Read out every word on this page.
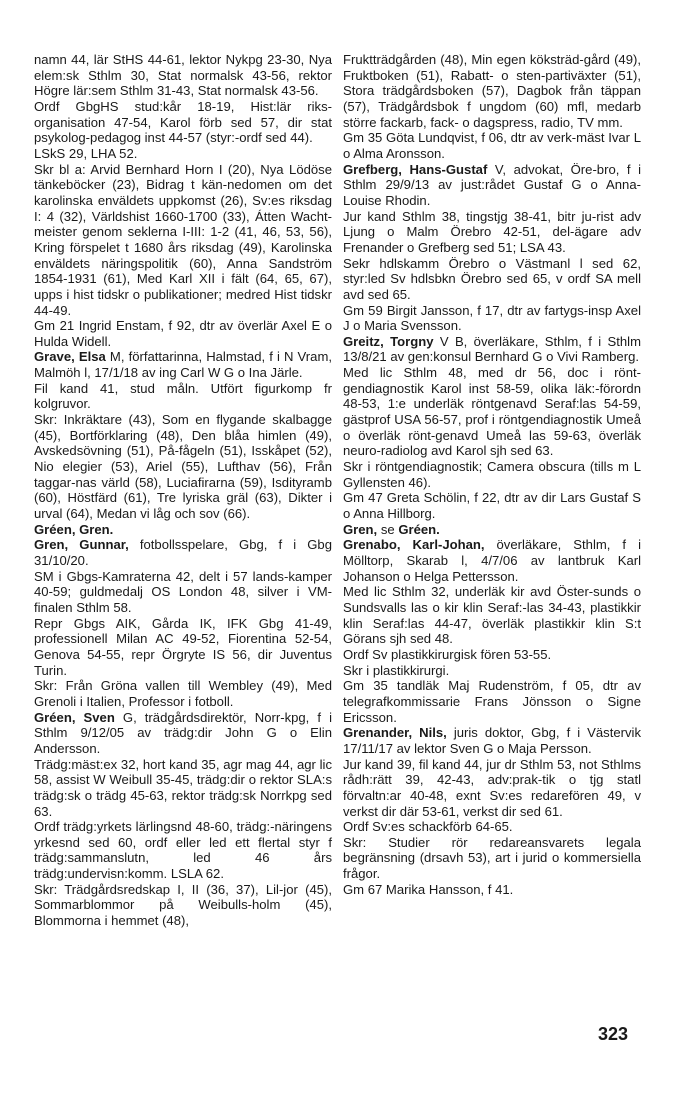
namn 44, lär StHS 44-61, lektor Nykpg 23-30, Nya elem:sk Sthlm 30, Stat normalsk 43-56, rektor Högre lär:sem Sthlm 31-43, Stat normalsk 43-56.

Ordf GbgHS stud:kår 18-19, Hist:lär riks-organisation 47-54, Karol förb sed 57, dir stat psykolog-pedagog inst 44-57 (styr:-ordf sed 44).

LSkS 29, LHA 52.

Skr bl a: Arvid Bernhard Horn I (20), Nya Lödöse tänkeböcker (23), Bidrag t kän-nedomen om det karolinska enväldets uppkomst (26), Sv:es riksdag I: 4 (32), Världshist 1660-1700 (33), Átten Wacht-meister genom seklerna I-III: 1-2 (41, 46, 53, 56), Kring förspelet t 1680 års riksdag (49), Karolinska enväldets näringspolitik (60), Anna Sandström 1854-1931 (61), Med Karl XII i fält (64, 65, 67), upps i hist tidskr o publikationer; medred Hist tidskr 44-49.

Gm 21 Ingrid Enstam, f 92, dtr av överlär Axel E o Hulda Widell.

Grave, Elsa M, författarinna, Halmstad, f i N Vram, Malmöh l, 17/1/18 av ing Carl W G o Ina Järle.

Fil kand 41, stud måln. Utfört figurkomp fr kolgruvor.

Skr: Inkräktare (43), Som en flygande skalbagge (45), Bortförklaring (48), Den blåa himlen (49), Avskedsövning (51), På-fågeln (51), Isskåpet (52), Nio elegier (53), Ariel (55), Lufthav (56), Från taggar-nas värld (58), Luciafirarna (59), Isdityramb (60), Höstfärd (61), Tre lyriska gräl (63), Dikter i urval (64), Medan vi låg och sov (66).

Gréen, Gren.

Gren, Gunnar, fotbollsspelare, Gbg, f i Gbg 31/10/20.

SM i Gbgs-Kamraterna 42, delt i 57 lands-kamper 40-59; guldmedalj OS London 48, silver i VM-finalen Sthlm 58.

Repr Gbgs AIK, Gårda IK, IFK Gbg 41-49, professionell Milan AC 49-52, Fiorentina 52-54, Genova 54-55, repr Örgryte IS 56, dir Juventus Turin.

Skr: Från Gröna vallen till Wembley (49), Med Grenoli i Italien, Professor i fotboll.

Gréen, Sven G, trädgårdsdirektör, Norr-kpg, f i Sthlm 9/12/05 av trädg:dir John G o Elin Andersson.

Trädg:mäst:ex 32, hort kand 35, agr mag 44, agr lic 58, assist W Weibull 35-45, trädg:dir o rektor SLA:s trädg:sk o trädg 45-63, rektor trädg:sk Norrkpg sed 63.

Ordf trädg:yrkets lärlingsnd 48-60, trädg:-näringens yrkesnd sed 60, ordf eller led ett flertal styr f trädg:sammanslutn, led 46 års trädg:undervisn:komm. LSLA 62.

Skr: Trädgårdsredskap I, II (36, 37), Lil-jor (45), Sommarblommor på Weibulls-holm (45), Blommorna i hemmet (48),

Fruktträdgården (48), Min egen köksträd-gård (49), Fruktboken (51), Rabatt- o sten-partiväxter (51), Stora trädgårdsboken (57), Dagbok från täppan (57), Trädgårdsbok f ungdom (60) mfl, medarb större fackarb, fack- o dagspress, radio, TV mm.

Gm 35 Göta Lundqvist, f 06, dtr av verk-mäst Ivar L o Alma Aronsson.

Grefberg, Hans-Gustaf V, advokat, Öre-bro, f i Sthlm 29/9/13 av just:rådet Gustaf G o Anna-Louise Rhodin.

Jur kand Sthlm 38, tingstjg 38-41, bitr ju-rist adv Ljung o Malm Örebro 42-51, del-ägare adv Frenander o Grefberg sed 51; LSA 43.

Sekr hdlskamm Örebro o Västmanl l sed 62, styr:led Sv hdlsbkn Örebro sed 65, v ordf SA mell avd sed 65.

Gm 59 Birgit Jansson, f 17, dtr av fartygs-insp Axel J o Maria Svensson.

Greitz, Torgny V B, överläkare, Sthlm, f i Sthlm 13/8/21 av gen:konsul Bernhard G o Vivi Ramberg.

Med lic Sthlm 48, med dr 56, doc i rönt-gendiagnostik Karol inst 58-59, olika läk:-förordn 48-53, 1:e underläk röntgenavd Seraf:las 54-59, gästprof USA 56-57, prof i röntgendiagnostik Umeå o överläk rönt-genavd Umeå las 59-63, överläk neuro-radiolog avd Karol sjh sed 63.

Skr i röntgendiagnostik; Camera obscura (tills m L Gyllensten 46).

Gm 47 Greta Schölin, f 22, dtr av dir Lars Gustaf S o Anna Hillborg.

Gren, se Gréen.

Grenabo, Karl-Johan, överläkare, Sthlm, f i Mölltorp, Skarab l, 4/7/06 av lantbruk Karl Johanson o Helga Pettersson.

Med lic Sthlm 32, underläk kir avd Öster-sunds o Sundsvalls las o kir klin Seraf:-las 34-43, plastikkir klin Seraf:las 44-47, överläk plastikkir klin S:t Görans sjh sed 48.

Ordf Sv plastikkirurgisk fören 53-55.

Skr i plastikkirurgi.

Gm 35 tandläk Maj Rudenström, f 05, dtr av telegrafkommissarie Frans Jönsson o Signe Ericsson.

Grenander, Nils, juris doktor, Gbg, f i Västervik 17/11/17 av lektor Sven G o Maja Persson.

Jur kand 39, fil kand 44, jur dr Sthlm 53, not Sthlms rådh:rätt 39, 42-43, adv:prak-tik o tjg statl förvaltn:ar 40-48, exnt Sv:es redarefören 49, v verkst dir där 53-61, verkst dir sed 61.

Ordf Sv:es schackförb 64-65.

Skr: Studier rör redareansvarets legala begränsning (drsavh 53), art i jurid o kommersiella frågor.

Gm 67 Marika Hansson, f 41.

323
